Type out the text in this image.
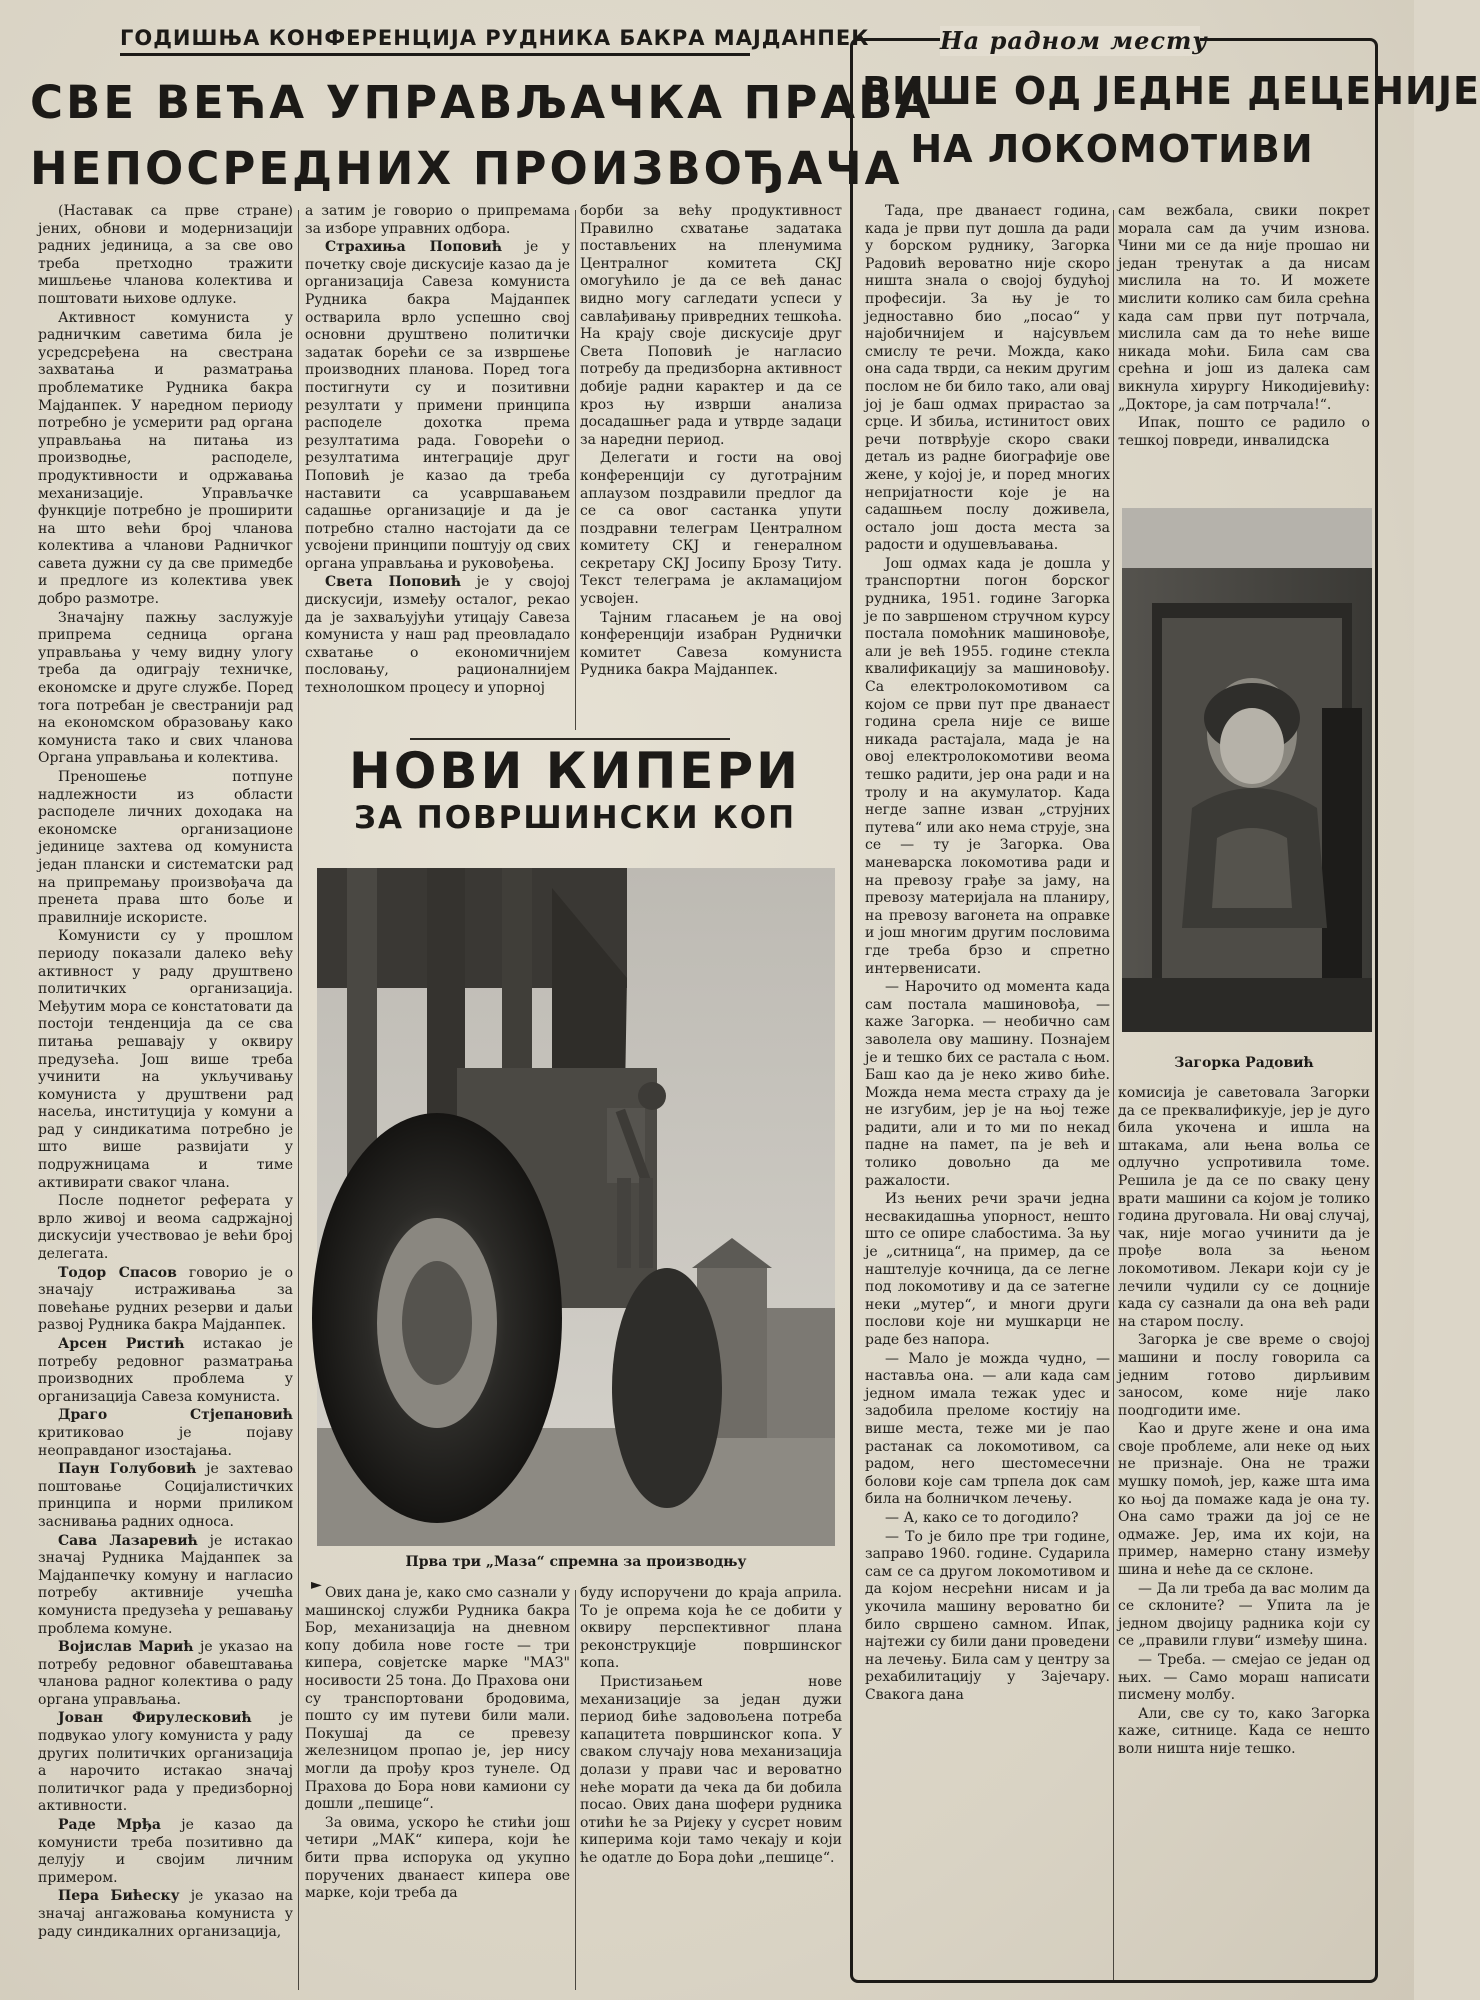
ГОДИШЊА КОНФЕРЕНЦИЈА РУДНИКА БАКРА МАЈДАНПЕК
СВЕ ВЕЋА УПРАВЉАЧКА ПРАВА
НЕПОСРЕДНИХ ПРОИЗВОЂАЧА

(Наставак са прве стране) јених, обнови и модернизацији радних јединица, а за све ово треба претходно тражити мишљење чланова колектива и поштовати њихове одлуке.

Активност комуниста у радничким саветима била је усредсређена на свестрана захватања и разматрања проблематике Рудника бакра Мајданпек. У наредном периоду потребно је усмерити рад органа управљања на питања из производње, расподеле, продуктивности и одржавања механизације. Управљачке функције потребно је проширити на што већи број чланова колектива а чланови Радничког савета дужни су да све примедбе и предлоге из колектива увек добро размотре.

Значајну пажњу заслужује припрема седница органа управљања у чему видну улогу треба да одиграју техничке, економске и друге службе. Поред тога потребан је свестранији рад на економском образовању како комуниста тако и свих чланова Органа управљања и колектива.

Преношење потпуне надлежности из области расподеле личних доходака на економске организационе јединице захтева од комуниста један плански и систематски рад на припремању произвођача да пренета права што боље и правилније искористе.

Комунисти су у прошлом периоду показали далеко већу активност у раду друштвено политичких организација. Међутим мора се констатовати да постоји тенденција да се сва питања решавају у оквиру предузећа. Још више треба учинити на укључивању комуниста у друштвени рад насеља, институција у комуни а рад у синдикатима потребно је што више развијати у подружницама и тиме активирати сваког члана.

После поднетог реферата у врло живој и веома садржајној дискусији учествовао је већи број делегата.

Тодор Спасов говорио је о значају истраживања за повећање рудних резерви и даљи развој Рудника бакра Мајданпек.

Арсен Ристић истакао је потребу редовног разматрања производних проблема у организација Савеза комуниста.

Драго Стјепановић критиковао је појаву неоправданог изостајања.

Паун Голубовић је захтевао поштовање Социјалистичких принципа и норми приликом заснивања радних односа.

Сава Лазаревић је истакао значај Рудника Мајданпек за Мајданпечку комуну и нагласио потребу активније учешћа комуниста предузећа у решавању проблема комуне.

Војислав Марић је указао на потребу редовног обавештавања чланова радног колектива о раду органа управљања.

Јован Фирулесковић је подвукао улогу комуниста у раду других политичких организација а нарочито истакао значај политичког рада у предизборној активности.

Раде Мрђа је казао да комунисти треба позитивно да делују и својим личним примером.

Пера Бићеску је указао на значај ангажовања комуниста у раду синдикалних организација,

а затим је говорио о припремама за изборе управних одбора.

Страхиња Поповић је у почетку своје дискусије казао да је организација Савеза комуниста Рудника бакра Мајданпек остварила врло успешно свој основни друштвено политички задатак борећи се за извршење производних планова. Поред тога постигнути су и позитивни резултати у примени принципа расподеле дохотка према резултатима рада. Говорећи о резултатима интеграције друг Поповић је казао да треба наставити са усавршавањем садашње организације и да је потребно стално настојати да се усвојени принципи поштују од свих органа управљања и руковођења.

Света Поповић је у својој дискусији, између осталог, рекао да је захваљујући утицају Савеза комуниста у наш рад преовладало схватање о економичнијем пословању, рационалнијем технолошком процесу и упорној

борби за већу продуктивност Правилно схватање задатака постављених на пленумима Централног комитета СКЈ омогућило је да се већ данас видно могу сагледати успеси у савлађивању привредних тешкоћа. На крају своје дискусије друг Света Поповић је нагласио потребу да предизборна активност добије радни карактер и да се кроз њу изврши анализа досадашњег рада и утврде задаци за наредни период.

Делегати и гости на овој конференцији су дуготрајним аплаузом поздравили предлог да се са овог састанка упути поздравни телеграм Централном комитету СКЈ и генералном секретару СКЈ Јосипу Брозу Титу. Текст телеграма је акламацијом усвојен.

Тајним гласањем је на овој конференцији изабран Руднички комитет Савеза комуниста Рудника бакра Мајданпек.

НОВИ КИПЕРИ
ЗА ПОВРШИНСКИ КОП
Прва три „Маза“ спремна за производњу
► Ових дана је, како смо сазнали у машинској служби Рудника бакра Бор, механизација на дневном копу добила нове госте — три кипера, совјетске марке "МАЗ" носивости 25 тона. До Прахова они су транспортовани бродовима, пошто су им путеви били мали. Покушај да се превезу железницом пропао је, јер нису могли да прођу кроз тунеле. Од Прахова до Бора нови камиони су дошли „пешице“.

За овима, ускоро ће стићи још четири „МАК“ кипера, који ће бити прва испорука од укупно поручених дванаест кипера ове марке, који треба да

буду испоручени до краја априла. То је опрема која ће се добити у оквиру перспективног плана реконструкције површинског копа.

Пристизањем нове механизације за један дужи период биће задовољена потреба капацитета површинског копа. У сваком случају нова механизација долази у прави час и вероватно неће морати да чека да би добила посао. Ових дана шофери рудника отићи ће за Ријеку у сусрет новим киперима који тамо чекају и који ће одатле до Бора доћи „пешице“.

На радном месту
ВИШЕ ОД ЈЕДНЕ ДЕЦЕНИЈЕ
НА ЛОКОМОТИВИ

Тада, пре дванаест година, када је први пут дошла да ради у борском руднику, Загорка Радовић вероватно није скоро ништа знала о својој будућој професији. За њу је то једноставно био „посао“ у најобичнијем и најсувљем смислу те речи. Можда, како она сада тврди, са неким другим послом не би било тако, али овај јој је баш одмах прирастао за срце. И збиља, истинитост ових речи потврђује скоро сваки детаљ из радне биографије ове жене, у којој је, и поред многих непријатности које је на садашњем послу доживела, остало још доста места за радости и одушевљавања.

Још одмах када је дошла у транспортни погон борског рудника, 1951. године Загорка је по завршеном стручном курсу постала помоћник машиновође, али је већ 1955. године стекла квалификацију за машиновођу. Са електролокомотивом са којом се први пут пре дванаест година срела није се више никада растајала, мада је на овој електролокомотиви веома тешко радити, јер она ради и на тролу и на акумулатор. Када негде запне изван „струјних путева“ или ако нема струје, зна се — ту је Загорка. Ова маневарска локомотива ради и на превозу грађе за јаму, на превозу материјала на планиру, на превозу вагонета на оправке и још многим другим пословима где треба брзо и спретно интервенисати.

— Нарочито од момента када сам постала машиновођа, — каже Загорка. — необично сам заволела ову машину. Познајем је и тешко бих се растала с њом. Баш као да је неко живо биће. Можда нема места страху да је не изгубим, јер је на њој теже радити, али и то ми по некад падне на памет, па је већ и толико довољно да ме ражалости.

Из њених речи зрачи једна несвакидашња упорност, нешто што се опире слабостима. За њу је „ситница“, на пример, да се наштелује кочница, да се легне под локомотиву и да се затегне неки „мутер“, и многи други послови које ни мушкарци не раде без напора.

— Мало је можда чудно, — наставља она. — али када сам једном имала тежак удес и задобила преломе костију на више места, теже ми је пао растанак са локомотивом, са радом, него шестомесечни болови које сам трпела док сам била на болничком лечењу.

— А, како се то догодило?

— То је било пре три године, заправо 1960. године. Сударила сам се са другом локомотивом и да којом несрећни нисам и ја укочила машину вероватно би било свршено самном. Ипак, најтежи су били дани проведени на лечењу. Била сам у центру за рехабилитацију у Зајечару. Свакога дана

сам вежбала, свики покрет морала сам да учим изнова. Чини ми се да није прошао ни један тренутак а да нисам мислила на то. И можете мислити колико сам била срећна када сам први пут потрчала, мислила сам да то неће више никада моћи. Била сам сва срећна и још из далека сам викнула хирургу Никодијевићу: „Докторе, ја сам потрчала!“.

Ипак, пошто се радило о тешкој повреди, инвалидска

Загорка Радовић

комисија је саветовала Загорки да се преквалификује, јер је дуго била укочена и ишла на штакама, али њена вольа се одлучно успротивила томе. Решила је да се по сваку цену врати машини са којом је толико година друговала. Ни овај случај, чак, није могао учинити да је прође вола за њеном локомотивом. Лекари који су је лечили чудили су се доцније када су сазнали да она већ ради на старом послу.

Загорка је све време о својој машини и послу говорила са једним готово дирљивим заносом, коме није лако поодгодити име.

Као и друге жене и она има своје проблеме, али неке од њих не признаје. Она не тражи мушку помоћ, јер, каже шта има ко њој да помаже када је она ту. Она само тражи да јој се не одмаже. Јер, има их који, на пример, намерно стану између шина и неће да се склоне.

— Да ли треба да вас молим да се склоните? — Упита ла је једном двојицу радника који су се „правили глуви“ између шина.

— Треба. — смејао се један од њих. — Само мораш написати писмену молбу.

Али, све су то, како Загорка каже, ситнице. Када се нешто воли ништа није тешко.
